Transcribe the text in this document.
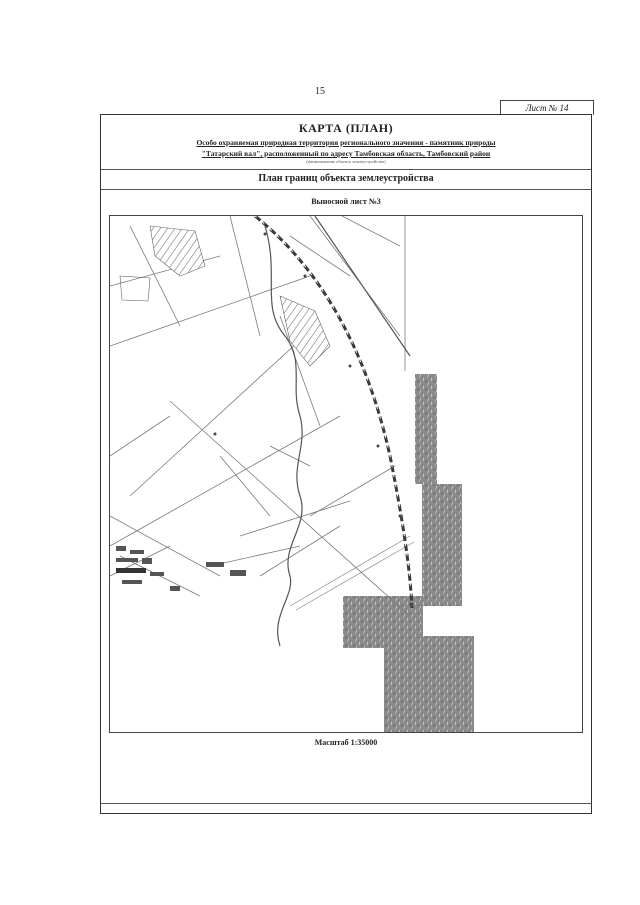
15
Лист № 14
КАРТА (ПЛАН)
Особо охраняемая природная территория регионального значения - памятник природы
"Татарский вал", расположенный по адресу Тамбовская область, Тамбовский район
(наименование объекта землеустройства)
План границ объекта землеустройства
Выносной лист №3
Масштаб 1:35000
